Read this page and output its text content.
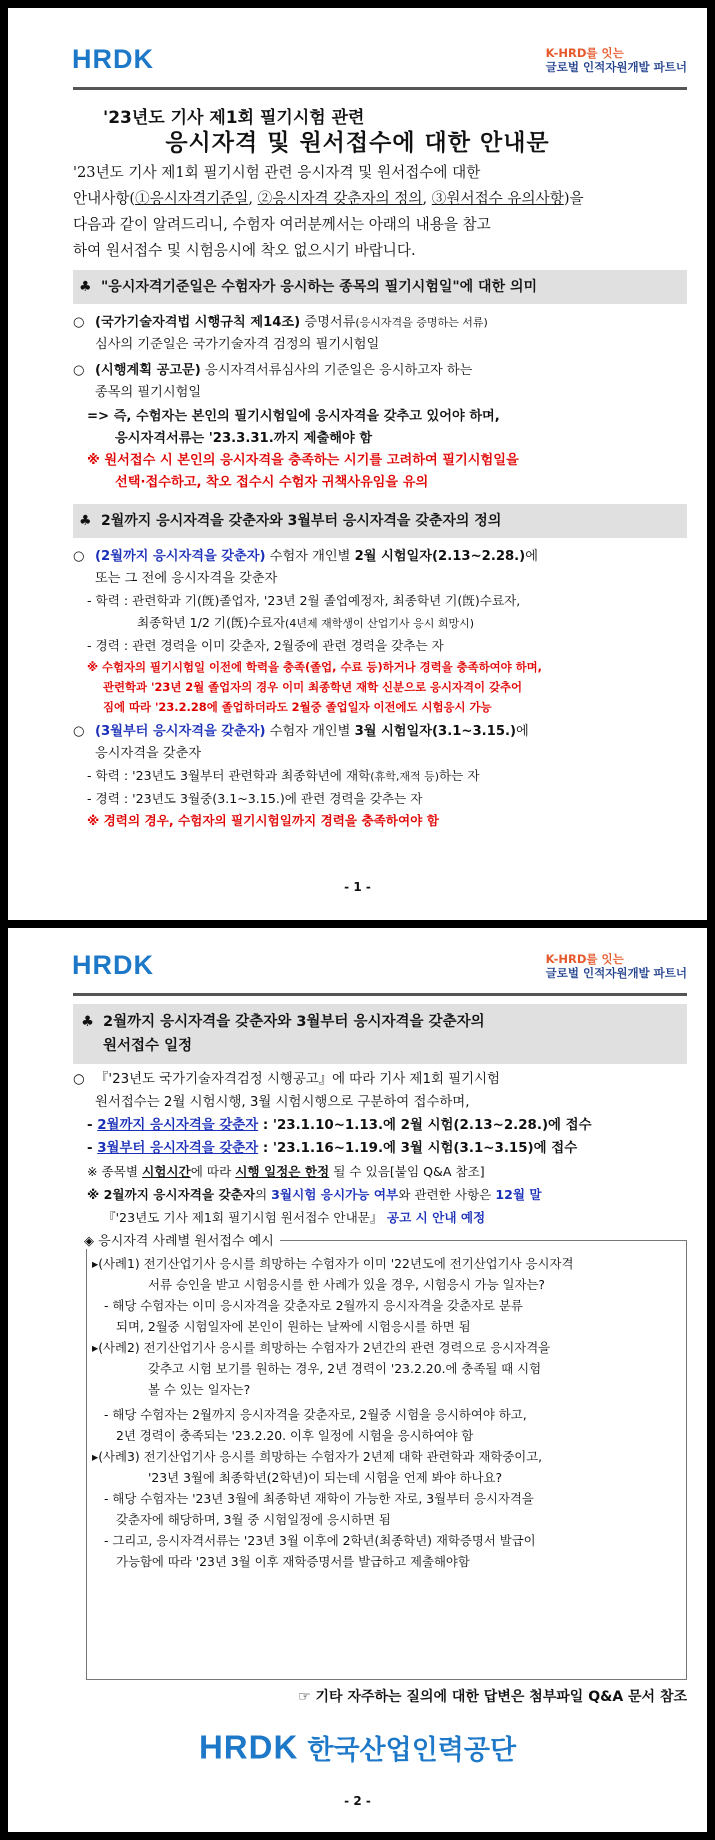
HRDK	K-HRD를 잇는
글로벌 인적자원개발 파트너
'23년도 기사 제1회 필기시험 관련
응시자격 및 원서접수에 대한 안내문
'23년도 기사 제1회 필기시험 관련 응시자격 및 원서접수에 대한
안내사항(①응시자격기준일, ②응시자격 갖춘자의 정의, ③원서접수 유의사항)을
다음과 같이 알려드리니, 수험자 여러분께서는 아래의 내용을 참고
하여 원서접수 및 시험응시에 착오 없으시기 바랍니다.
♣ "응시자격기준일은 수험자가 응시하는 종목의 필기시험일"에 대한 의미
○ (국가기술자격법 시행규칙 제14조) 증명서류(응시자격을 증명하는 서류)
심사의 기준일은 국가기술자격 검정의 필기시험일
○ (시행계획 공고문) 응시자격서류심사의 기준일은 응시하고자 하는
종목의 필기시험일
=> 즉, 수험자는 본인의 필기시험일에 응시자격을 갖추고 있어야 하며,
응시자격서류는 '23.3.31.까지 제출해야 함
※ 원서접수 시 본인의 응시자격을 충족하는 시기를 고려하여 필기시험일을
선택·접수하고, 착오 접수시 수험자 귀책사유임을 유의
♣ 2월까지 응시자격을 갖춘자와 3월부터 응시자격을 갖춘자의 정의
○ (2월까지 응시자격을 갖춘자) 수험자 개인별 2월 시험일자(2.13~2.28.)에
또는 그 전에 응시자격을 갖춘자
- 학력 : 관련학과 기(旣)졸업자, '23년 2월 졸업예정자, 최종학년 기(旣)수료자,
최종학년 1/2 기(旣)수료자(4년제 재학생이 산업기사 응시 희망시)
- 경력 : 관련 경력을 이미 갖춘자, 2월중에 관련 경력을 갖추는 자
※ 수험자의 필기시험일 이전에 학력을 충족(졸업, 수료 등)하거나 경력을 충족하여야 하며,
관련학과 '23년 2월 졸업자의 경우 이미 최종학년 재학 신분으로 응시자격이 갖추어
짐에 따라 '23.2.28에 졸업하더라도 2월중 졸업일자 이전에도 시험응시 가능
○ (3월부터 응시자격을 갖춘자) 수험자 개인별 3월 시험일자(3.1~3.15.)에
응시자격을 갖춘자
- 학력 : '23년도 3월부터 관련학과 최종학년에 재학(휴학,재적 등)하는 자
- 경력 : '23년도 3월중(3.1~3.15.)에 관련 경력을 갖추는 자
※ 경력의 경우, 수험자의 필기시험일까지 경력을 충족하여야 함
- 1 -
HRDK	K-HRD를 잇는
글로벌 인적자원개발 파트너
♣ 2월까지 응시자격을 갖춘자와 3월부터 응시자격을 갖춘자의
원서접수 일정
○ 『'23년도 국가기술자격검정 시행공고』에 따라 기사 제1회 필기시험
원서접수는 2월 시험시행, 3월 시험시행으로 구분하여 접수하며,
- 2월까지 응시자격을 갖춘자 : '23.1.10~1.13.에 2월 시험(2.13~2.28.)에 접수
- 3월부터 응시자격을 갖춘자 : '23.1.16~1.19.에 3월 시험(3.1~3.15)에 접수
※ 종목별 시험시간에 따라 시행 일정은 한정 될 수 있음[붙임 Q&A 참조]
※ 2월까지 응시자격을 갖춘자의 3월시험 응시가능 여부와 관련한 사항은 12월 말
『'23년도 기사 제1회 필기시험 원서접수 안내문』 공고 시 안내 예정
◈ 응시자격 사례별 원서접수 예시
▸(사례1) 전기산업기사 응시를 희망하는 수험자가 이미 '22년도에 전기산업기사 응시자격
서류 승인을 받고 시험응시를 한 사례가 있을 경우, 시험응시 가능 일자는?
- 해당 수험자는 이미 응시자격을 갖춘자로 2월까지 응시자격을 갖춘자로 분류
되며, 2월중 시험일자에 본인이 원하는 날짜에 시험응시를 하면 됨
▸(사례2) 전기산업기사 응시를 희망하는 수험자가 2년간의 관련 경력으로 응시자격을
갖추고 시험 보기를 원하는 경우, 2년 경력이 '23.2.20.에 충족될 때 시험
볼 수 있는 일자는?
- 해당 수험자는 2월까지 응시자격을 갖춘자로, 2월중 시험을 응시하여야 하고,
2년 경력이 충족되는 '23.2.20. 이후 일정에 시험을 응시하여야 함
▸(사례3) 전기산업기사 응시를 희망하는 수험자가 2년제 대학 관련학과 재학중이고,
'23년 3월에 최종학년(2학년)이 되는데 시험을 언제 봐야 하나요?
- 해당 수험자는 '23년 3월에 최종학년 재학이 가능한 자로, 3월부터 응시자격을
갖춘자에 해당하며, 3월 중 시험일정에 응시하면 됨
- 그리고, 응시자격서류는 '23년 3월 이후에 2학년(최종학년) 재학증명서 발급이
가능함에 따라 '23년 3월 이후 재학증명서를 발급하고 제출해야함
☞ 기타 자주하는 질의에 대한 답변은 첨부파일 Q&A 문서 참조
HRDK 한국산업인력공단
- 2 -
